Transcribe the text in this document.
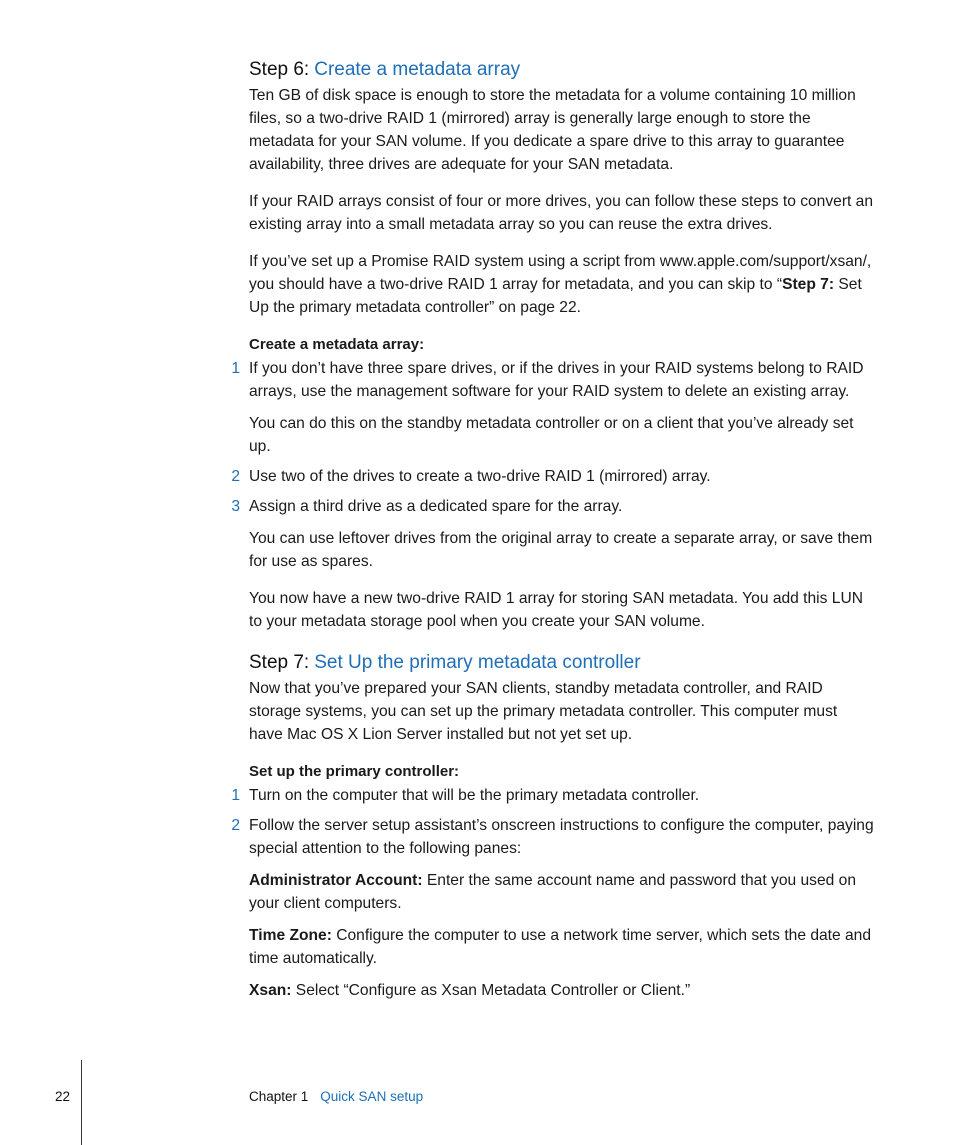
Step 6: Create a metadata array

Ten GB of disk space is enough to store the metadata for a volume containing 10 million files, so a two-drive RAID 1 (mirrored) array is generally large enough to store the metadata for your SAN volume. If you dedicate a spare drive to this array to guarantee availability, three drives are adequate for your SAN metadata.

If your RAID arrays consist of four or more drives, you can follow these steps to convert an existing array into a small metadata array so you can reuse the extra drives.

If you’ve set up a Promise RAID system using a script from www.apple.com/support/xsan/, you should have a two-drive RAID 1 array for metadata, and you can skip to “Step 7: Set Up the primary metadata controller” on page 22.

Create a metadata array:
1 If you don’t have three spare drives, or if the drives in your RAID systems belong to RAID arrays, use the management software for your RAID system to delete an existing array.

You can do this on the standby metadata controller or on a client that you’ve already set up.

2 Use two of the drives to create a two-drive RAID 1 (mirrored) array.

3 Assign a third drive as a dedicated spare for the array.

You can use leftover drives from the original array to create a separate array, or save them for use as spares.

You now have a new two-drive RAID 1 array for storing SAN metadata. You add this LUN to your metadata storage pool when you create your SAN volume.

Step 7: Set Up the primary metadata controller

Now that you’ve prepared your SAN clients, standby metadata controller, and RAID storage systems, you can set up the primary metadata controller. This computer must have Mac OS X Lion Server installed but not yet set up.

Set up the primary controller:
1 Turn on the computer that will be the primary metadata controller.

2 Follow the server setup assistant’s onscreen instructions to configure the computer, paying special attention to the following panes:

Administrator Account: Enter the same account name and password that you used on your client computers.

Time Zone: Configure the computer to use a network time server, which sets the date and time automatically.

Xsan: Select “Configure as Xsan Metadata Controller or Client.”

22	Chapter 1 Quick SAN setup
